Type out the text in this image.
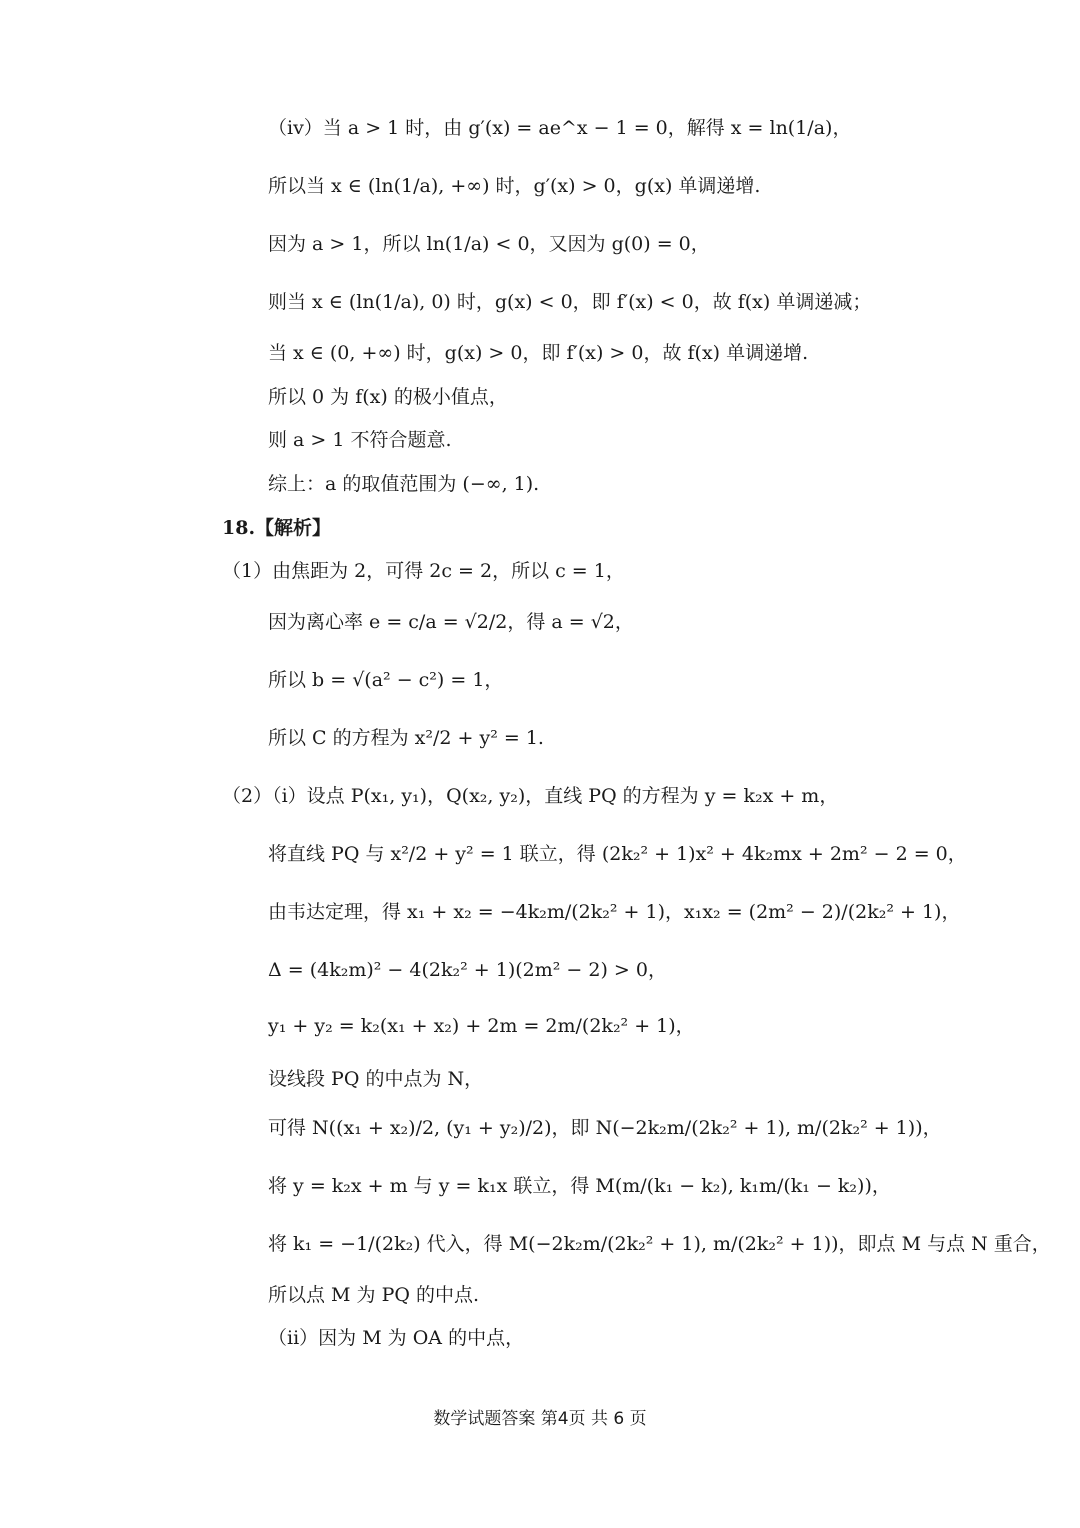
（iv）当 a > 1 时，由 g′(x) = ae^x − 1 = 0，解得 x = ln(1/a)，
所以当 x ∈ (ln(1/a), +∞) 时，g′(x) > 0，g(x) 单调递增.
因为 a > 1，所以 ln(1/a) < 0，又因为 g(0) = 0，
则当 x ∈ (ln(1/a), 0) 时，g(x) < 0，即 f′(x) < 0，故 f(x) 单调递减；
当 x ∈ (0, +∞) 时，g(x) > 0，即 f′(x) > 0，故 f(x) 单调递增.
所以 0 为 f(x) 的极小值点，
则 a > 1 不符合题意.
综上：a 的取值范围为 (−∞, 1).
18.【解析】
（1）由焦距为 2，可得 2c = 2，所以 c = 1，
因为离心率 e = c/a = √2/2，得 a = √2，
所以 b = √(a² − c²) = 1，
所以 C 的方程为 x²/2 + y² = 1.
（2）（i）设点 P(x₁, y₁)，Q(x₂, y₂)，直线 PQ 的方程为 y = k₂x + m，
将直线 PQ 与 x²/2 + y² = 1 联立，得 (2k₂² + 1)x² + 4k₂mx + 2m² − 2 = 0，
由韦达定理，得 x₁ + x₂ = −4k₂m/(2k₂² + 1)，x₁x₂ = (2m² − 2)/(2k₂² + 1)，
Δ = (4k₂m)² − 4(2k₂² + 1)(2m² − 2) > 0，
y₁ + y₂ = k₂(x₁ + x₂) + 2m = 2m/(2k₂² + 1)，
设线段 PQ 的中点为 N，
可得 N((x₁ + x₂)/2, (y₁ + y₂)/2)，即 N(−2k₂m/(2k₂² + 1), m/(2k₂² + 1))，
将 y = k₂x + m 与 y = k₁x 联立，得 M(m/(k₁ − k₂), k₁m/(k₁ − k₂))，
将 k₁ = −1/(2k₂) 代入，得 M(−2k₂m/(2k₂² + 1), m/(2k₂² + 1))，即点 M 与点 N 重合，
所以点 M 为 PQ 的中点.
（ii）因为 M 为 OA 的中点，
数学试题答案 第4页 共 6 页
